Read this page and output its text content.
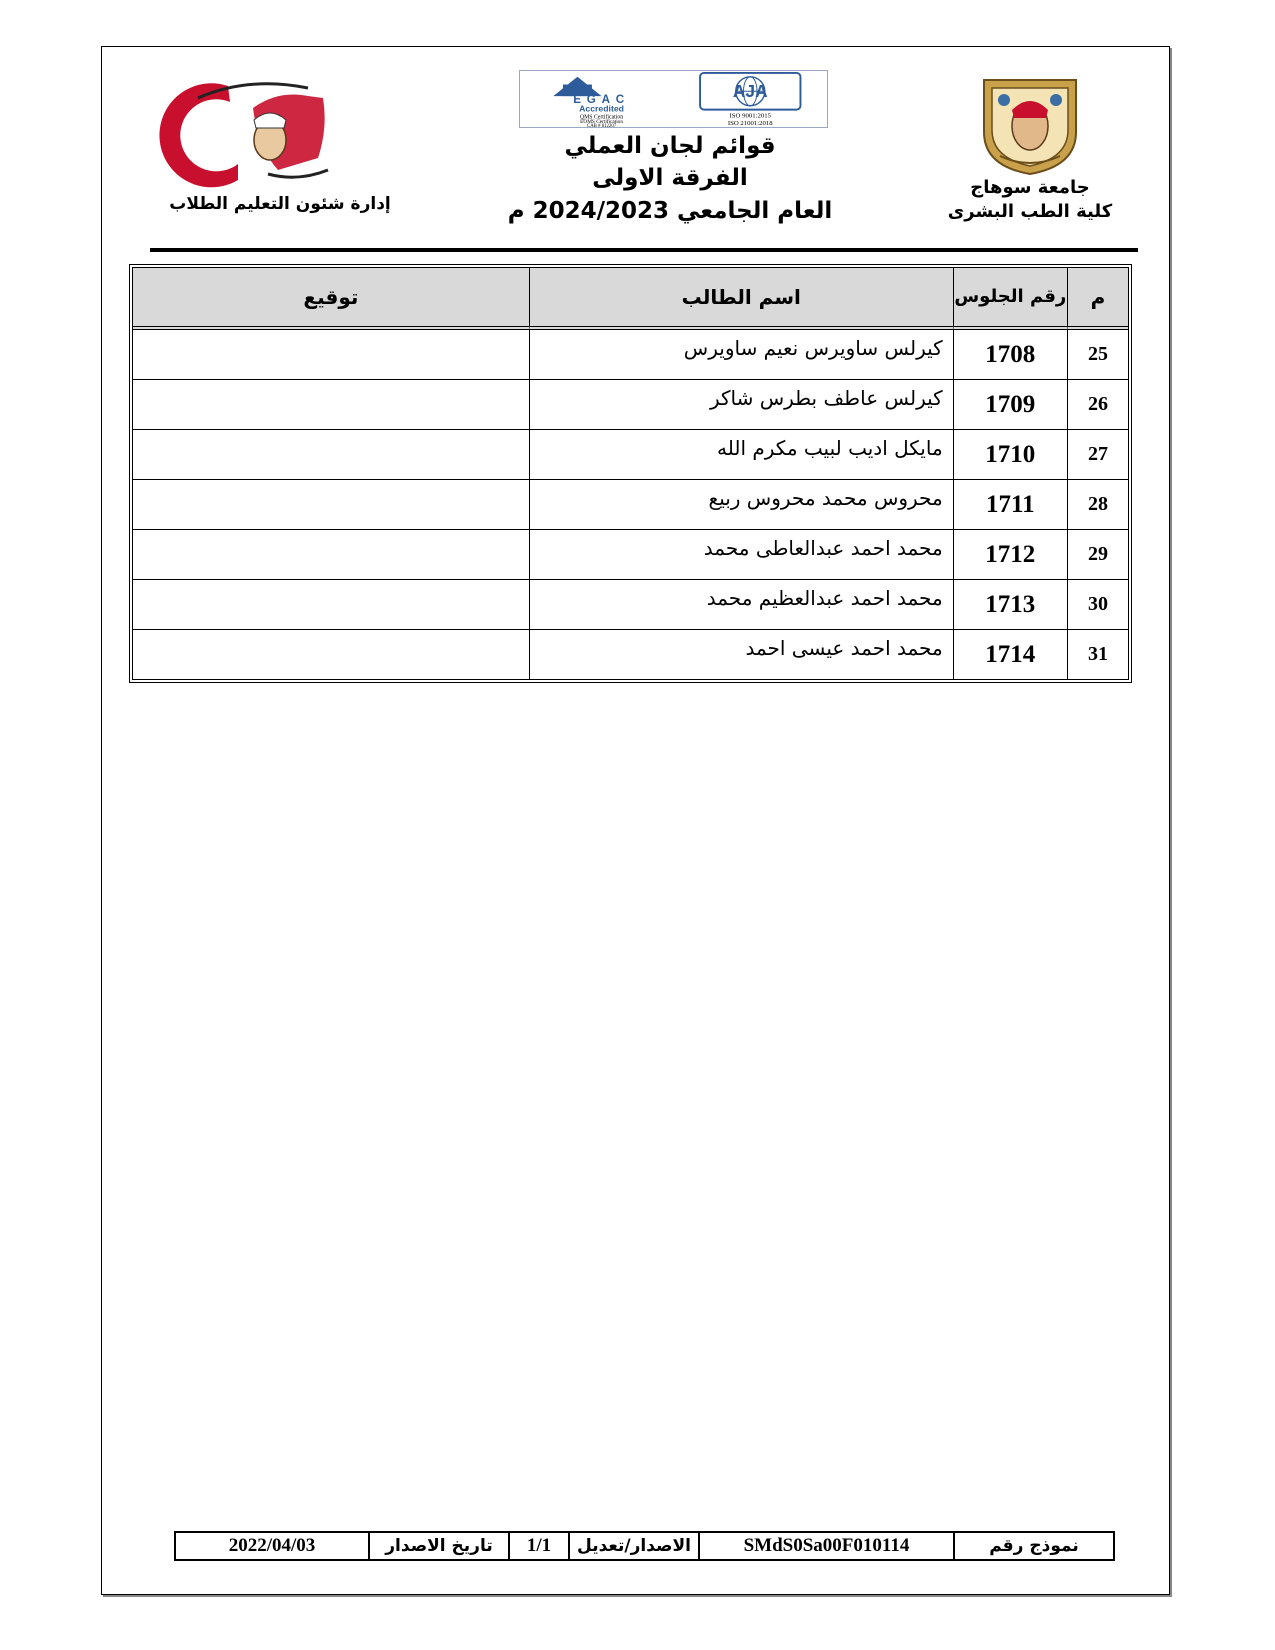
EGAC
Accredited
QMS Certification
EOMS Certification
CAB # 012207
AJA
ISO 9001:2015
ISO 21001:2018
جامعة سوهاج
كلية الطب البشرى
إدارة شئون التعليم الطلاب
قوائم لجان العملي
الفرقة الاولى
العام الجامعي 2024/2023 م
م	رقم الجلوس	اسم الطالب	توقيع
25	1708	كيرلس ساويرس نعيم ساويرس	
26	1709	كيرلس عاطف بطرس شاكر	
27	1710	مايكل اديب لبيب مكرم الله	
28	1711	محروس محمد محروس ربيع	
29	1712	محمد احمد عبدالعاطى محمد	
30	1713	محمد احمد عبدالعظيم محمد	
31	1714	محمد احمد عيسى احمد	
نموذج رقم	SMdS0Sa00F010114	الاصدار/تعديل	1/1	تاريخ الاصدار	2022/04/03
